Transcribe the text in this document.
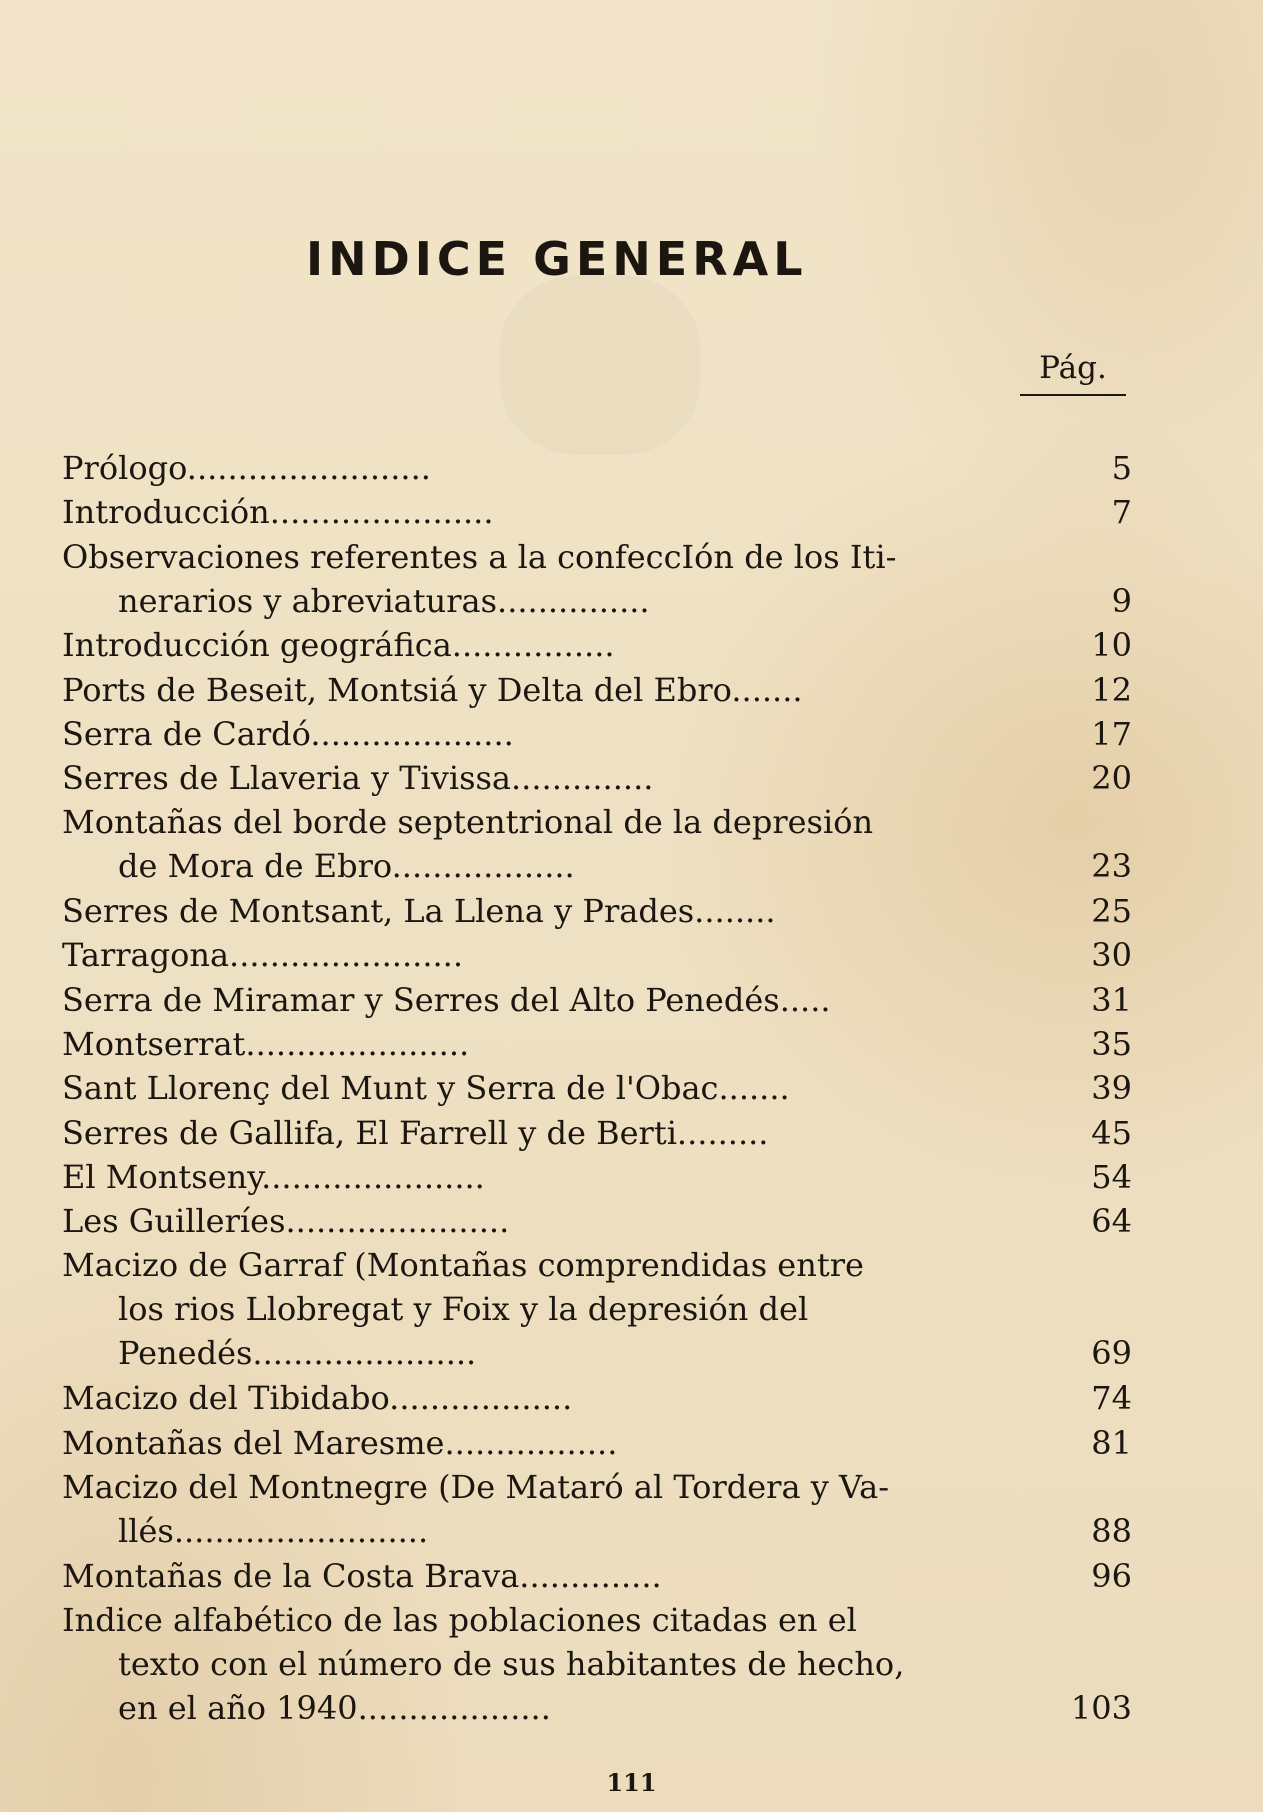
INDICE GENERAL
Pág.
Prólogo........................	5
Introducción......................	7
Observaciones referentes a la confeccIón de los Iti-
nerarios y abreviaturas...............	9
Introducción geográfica................	10
Ports de Beseit, Montsiá y Delta del Ebro.......	12
Serra de Cardó....................	17
Serres de Llaveria y Tivissa..............	20
Montañas del borde septentrional de la depresión
de Mora de Ebro..................	23
Serres de Montsant, La Llena y Prades........	25
Tarragona.......................	30
Serra de Miramar y Serres del Alto Penedés.....	31
Montserrat......................	35
Sant Llorenç del Munt y Serra de l'Obac.......	39
Serres de Gallifa, El Farrell y de Berti.........	45
El Montseny......................	54
Les Guilleríes......................	64
Macizo de Garraf (Montañas comprendidas entre
los rios Llobregat y Foix y la depresión del
Penedés......................	69
Macizo del Tibidabo..................	74
Montañas del Maresme.................	81
Macizo del Montnegre (De Mataró al Tordera y Va-
llés.........................	88
Montañas de la Costa Brava..............	96
Indice alfabético de las poblaciones citadas en el
texto con el número de sus habitantes de hecho,
en el año 1940...................	103
111
